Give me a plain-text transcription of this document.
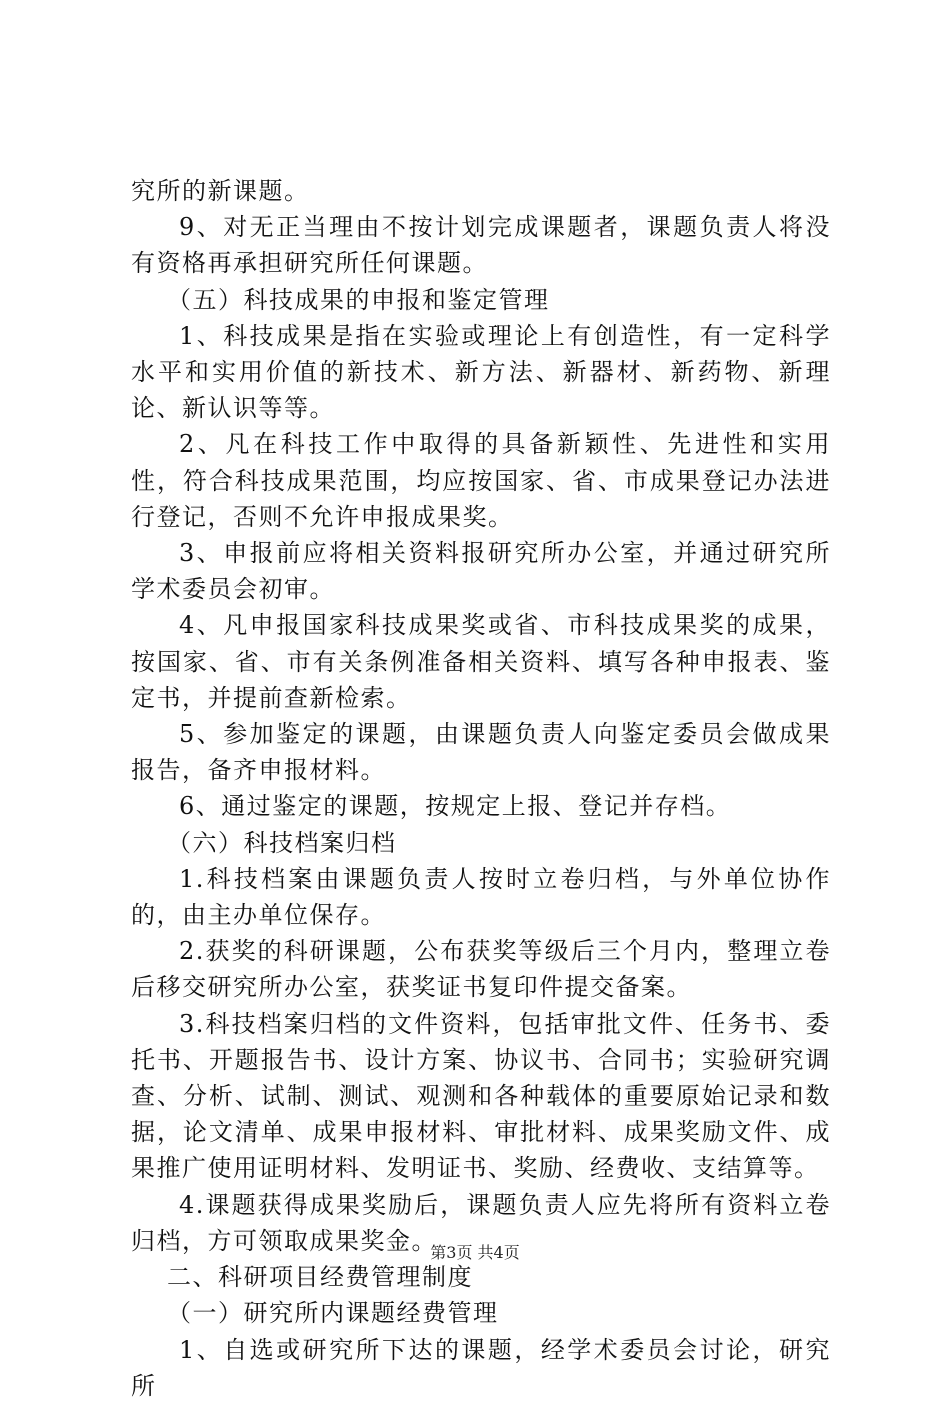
究所的新课题。

9、对无正当理由不按计划完成课题者，课题负责人将没有资格再承担研究所任何课题。

（五）科技成果的申报和鉴定管理

1、科技成果是指在实验或理论上有创造性，有一定科学水平和实用价值的新技术、新方法、新器材、新药物、新理论、新认识等等。

2、凡在科技工作中取得的具备新颖性、先进性和实用性，符合科技成果范围，均应按国家、省、市成果登记办法进行登记，否则不允许申报成果奖。

3、申报前应将相关资料报研究所办公室，并通过研究所学术委员会初审。

4、凡申报国家科技成果奖或省、市科技成果奖的成果，按国家、省、市有关条例准备相关资料、填写各种申报表、鉴定书，并提前查新检索。

5、参加鉴定的课题，由课题负责人向鉴定委员会做成果报告，备齐申报材料。

6、通过鉴定的课题，按规定上报、登记并存档。

（六）科技档案归档

1.科技档案由课题负责人按时立卷归档，与外单位协作的，由主办单位保存。

2.获奖的科研课题，公布获奖等级后三个月内，整理立卷后移交研究所办公室，获奖证书复印件提交备案。

3.科技档案归档的文件资料，包括审批文件、任务书、委托书、开题报告书、设计方案、协议书、合同书；实验研究调查、分析、试制、测试、观测和各种载体的重要原始记录和数据，论文清单、成果申报材料、审批材料、成果奖励文件、成果推广使用证明材料、发明证书、奖励、经费收、支结算等。

4.课题获得成果奖励后，课题负责人应先将所有资料立卷归档，方可领取成果奖金。

二、科研项目经费管理制度

（一）研究所内课题经费管理

1、自选或研究所下达的课题，经学术委员会讨论，研究所

第3页 共4页
